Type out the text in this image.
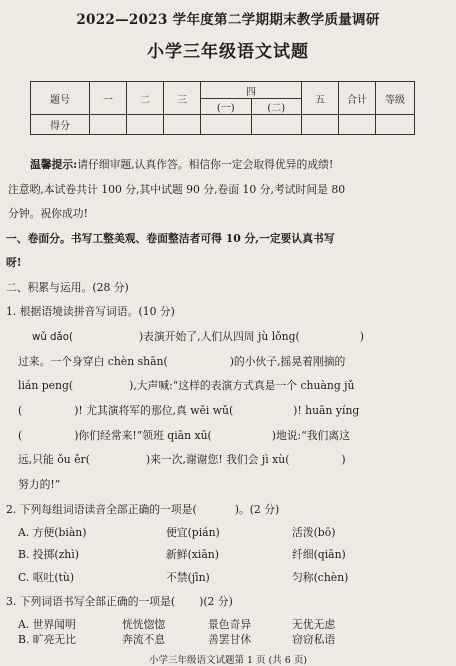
2022—2023 学年度第二学期期末教学质量调研
小学三年级语文试题
题号	一	二	三	四		五	合计	等级
				(一)	(二)			
得分								
温馨提示:请仔细审题,认真作答。相信你一定会取得优异的成绩!
注意哟,本试卷共计 100 分,其中试题 90 分,卷面 10 分,考试时间是 80
分钟。祝你成功!
一、卷面分。书写工整美观、卷面整洁者可得 10 分,一定要认真书写
呀!
二、积累与运用。(28 分)
1. 根据语境读拼音写词语。(10 分)
wǔ dǎo(	)表演开始了,人们从四周 jù lǒng(	)
过来。一个身穿白 chèn shān(	)的小伙子,摇晃着刚摘的
lián peng(	),大声喊:“这样的表演方式真是一个 chuàng jǔ
(	)! 尤其演将军的那位,真 wēi wǔ(	)! huān yíng
(	)你们经常来!”领班 qiān xū(	)地说:“我们离这
远,只能 ǒu ěr(	)来一次,谢谢您! 我们会 jì xù(	)
努力的!”
2. 下列每组词语读音全部正确的一项是(	)。(2 分)
A. 方便(biàn)	便宜(pián)	活泼(bō)
B. 投掷(zhì)	新鲜(xiān)	纤细(qiān)
C. 呕吐(tù)	不禁(jīn)	匀称(chèn)
3. 下列词语书写全部正确的一项是( )(2 分)
A. 世界闻明	恍恍惚惚	景色奇异	无优无虑
B. 旷亮无比	奔流不息	善罢甘休	窃窃私语
小学三年级语文试题第 1 页 (共 6 页)
